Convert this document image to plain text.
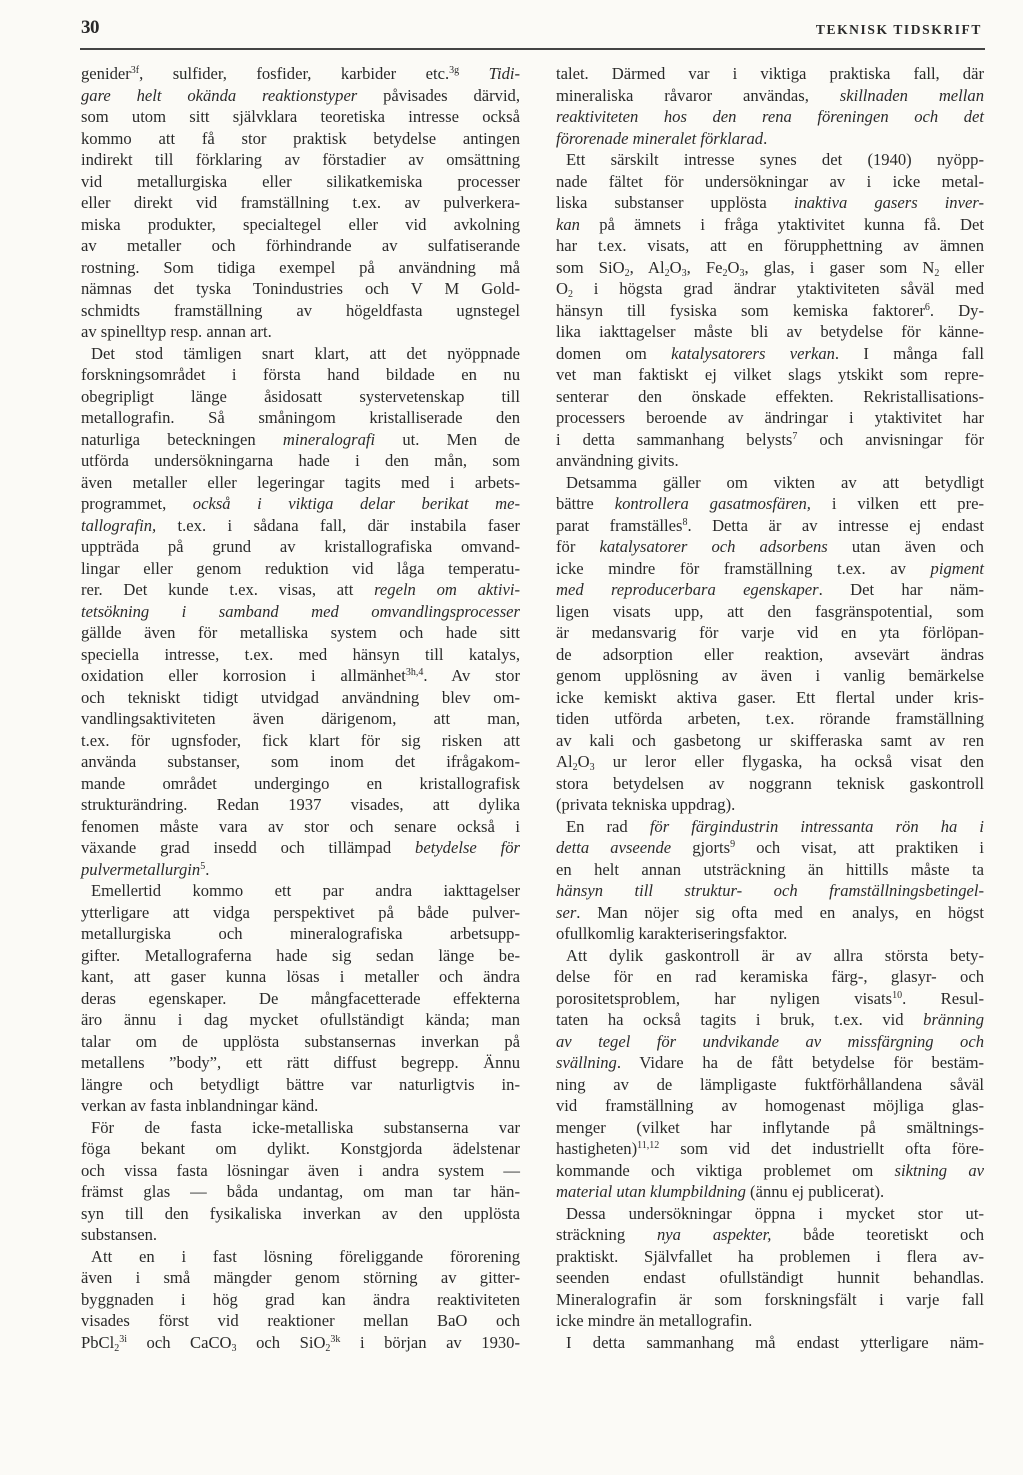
30	TEKNISK TIDSKRIFT
genider$^{3f}$, sulfider, fosfider, karbider etc.$^{3g}$ Tidi-
gare helt okända reaktionstyper påvisades därvid,
som utom sitt självklara teoretiska intresse också
kommo att få stor praktisk betydelse antingen
indirekt till förklaring av förstadier av omsättning
vid metallurgiska eller silikatkemiska processer
eller direkt vid framställning t.ex. av pulverkera-
miska produkter, specialtegel eller vid avkolning
av metaller och förhindrande av sulfatiserande
rostning. Som tidiga exempel på användning må
nämnas det tyska Tonindustries och V M Gold-
schmidts framställning av högeldfasta ugnstegel
av spinelltyp resp. annan art.
Det stod tämligen snart klart, att det nyöppnade
forskningsområdet i första hand bildade en nu
obegripligt länge åsidosatt systervetenskap till
metallografin. Så småningom kristalliserade den
naturliga beteckningen mineralografi ut. Men de
utförda undersökningarna hade i den mån, som
även metaller eller legeringar tagits med i arbets-
programmet, också i viktiga delar berikat me-
tallografin, t.ex. i sådana fall, där instabila faser
uppträda på grund av kristallografiska omvand-
lingar eller genom reduktion vid låga temperatu-
rer. Det kunde t.ex. visas, att regeln om aktivi-
tetsökning i samband med omvandlingsprocesser
gällde även för metalliska system och hade sitt
speciella intresse, t.ex. med hänsyn till katalys,
oxidation eller korrosion i allmänhet$^{3h,4}$. Av stor
och tekniskt tidigt utvidgad användning blev om-
vandlingsaktiviteten även därigenom, att man,
t.ex. för ugnsfoder, fick klart för sig risken att
använda substanser, som inom det ifrågakom-
mande området undergingo en kristallografisk
strukturändring. Redan 1937 visades, att dylika
fenomen måste vara av stor och senare också i
växande grad insedd och tillämpad betydelse för
pulvermetallurgin$^5$.
Emellertid kommo ett par andra iakttagelser
ytterligare att vidga perspektivet på både pulver-
metallurgiska och mineralografiska arbetsupp-
gifter. Metallograferna hade sig sedan länge be-
kant, att gaser kunna lösas i metaller och ändra
deras egenskaper. De mångfacetterade effekterna
äro ännu i dag mycket ofullständigt kända; man
talar om de upplösta substansernas inverkan på
metallens ”body”, ett rätt diffust begrepp. Ännu
längre och betydligt bättre var naturligtvis in-
verkan av fasta inblandningar känd.
För de fasta icke-metalliska substanserna var
föga bekant om dylikt. Konstgjorda ädelstenar
och vissa fasta lösningar även i andra system —
främst glas — båda undantag, om man tar hän-
syn till den fysikaliska inverkan av den upplösta
substansen.
Att en i fast lösning föreliggande förorening
även i små mängder genom störning av gitter-
byggnaden i hög grad kan ändra reaktiviteten
visades först vid reaktioner mellan BaO och
PbCl$_2^{3i}$ och CaCO$_3$ och SiO$_2^{3k}$ i början av 1930-
talet. Därmed var i viktiga praktiska fall, där
mineraliska råvaror användas, skillnaden mellan
reaktiviteten hos den rena föreningen och det
förorenade mineralet förklarad.
Ett särskilt intresse synes det (1940) nyöpp-
nade fältet för undersökningar av i icke metal-
liska substanser upplösta inaktiva gasers inver-
kan på ämnets i fråga ytaktivitet kunna få. Det
har t.ex. visats, att en förupphettning av ämnen
som SiO$_2$, $Al_2O_3$, $Fe_2O_3$, glas, i gaser som $N_2$ eller
$O_2$ i högsta grad ändrar ytaktiviteten såväl med
hänsyn till fysiska som kemiska faktorer$^6$. Dy-
lika iakttagelser måste bli av betydelse för känne-
domen om katalysatorers verkan. I många fall
vet man faktiskt ej vilket slags ytskikt som repre-
senterar den önskade effekten. Rekristallisations-
processers beroende av ändringar i ytaktivitet har
i detta sammanhang belysts$^7$ och anvisningar för
användning givits.
Detsamma gäller om vikten av att betydligt
bättre kontrollera gasatmosfären, i vilken ett pre-
parat framställes$^8$. Detta är av intresse ej endast
för katalysatorer och adsorbens utan även och
icke mindre för framställning t.ex. av pigment
med reproducerbara egenskaper. Det har näm-
ligen visats upp, att den fasgränspotential, som
är medansvarig för varje vid en yta förlöpan-
de adsorption eller reaktion, avsevärt ändras
genom upplösning av även i vanlig bemärkelse
icke kemiskt aktiva gaser. Ett flertal under kris-
tiden utförda arbeten, t.ex. rörande framställning
av kali och gasbetong ur skifferaska samt av ren
$Al_2O_3$ ur leror eller flygaska, ha också visat den
stora betydelsen av noggrann teknisk gaskontroll
(privata tekniska uppdrag).
En rad för färgindustrin intressanta rön ha i
detta avseende gjorts$^9$ och visat, att praktiken i
en helt annan utsträckning än hittills måste ta
hänsyn till struktur- och framställningsbetingel-
ser. Man nöjer sig ofta med en analys, en högst
ofullkomlig karakteriseringsfaktor.
Att dylik gaskontroll är av allra största bety-
delse för en rad keramiska färg-, glasyr- och
porositetsproblem, har nyligen visats$^{10}$. Resul-
taten ha också tagits i bruk, t.ex. vid bränning
av tegel för undvikande av missfärgning och
svällning. Vidare ha de fått betydelse för bestäm-
ning av de lämpligaste fuktförhållandena såväl
vid framställning av homogenast möjliga glas-
menger (vilket har inflytande på smältnings-
hastigheten)$^{11,12}$ som vid det industriellt ofta före-
kommande och viktiga problemet om siktning av
material utan klumpbildning (ännu ej publicerat).
Dessa undersökningar öppna i mycket stor ut-
sträckning nya aspekter, både teoretiskt och
praktiskt. Självfallet ha problemen i flera av-
seenden endast ofullständigt hunnit behandlas.
Mineralografin är som forskningsfält i varje fall
icke mindre än metallografin.
I detta sammanhang må endast ytterligare näm-
